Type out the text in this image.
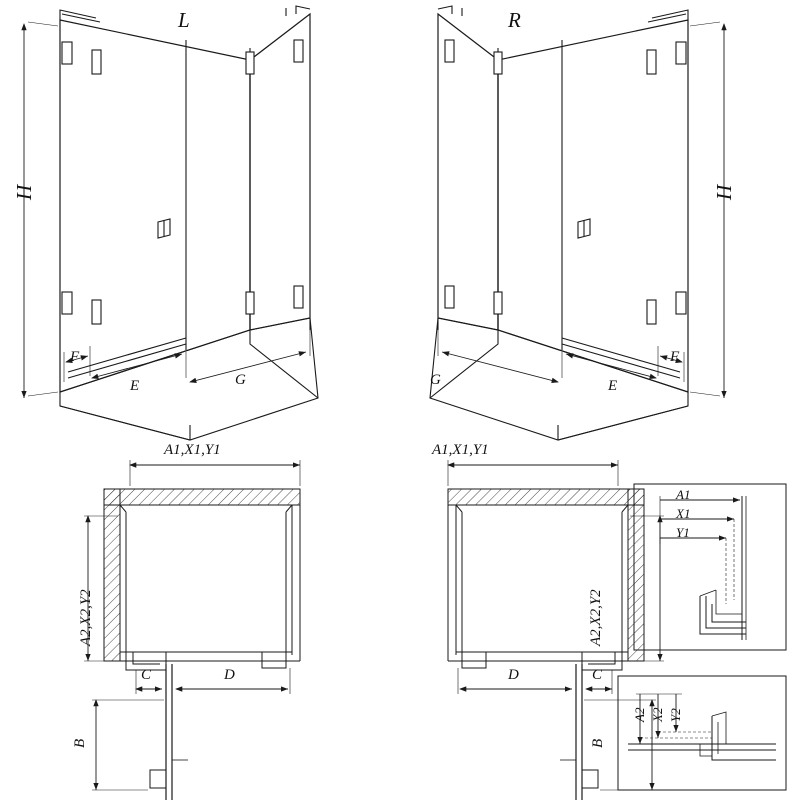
L	R
H	H
F
E	G
F
E
G
A1,X1,Y1	A1,X1,Y1
A2,X2,Y2	A2,X2,Y2
C	D
B
D	C
B
A1
X1
Y1
A2 X2 Y2
